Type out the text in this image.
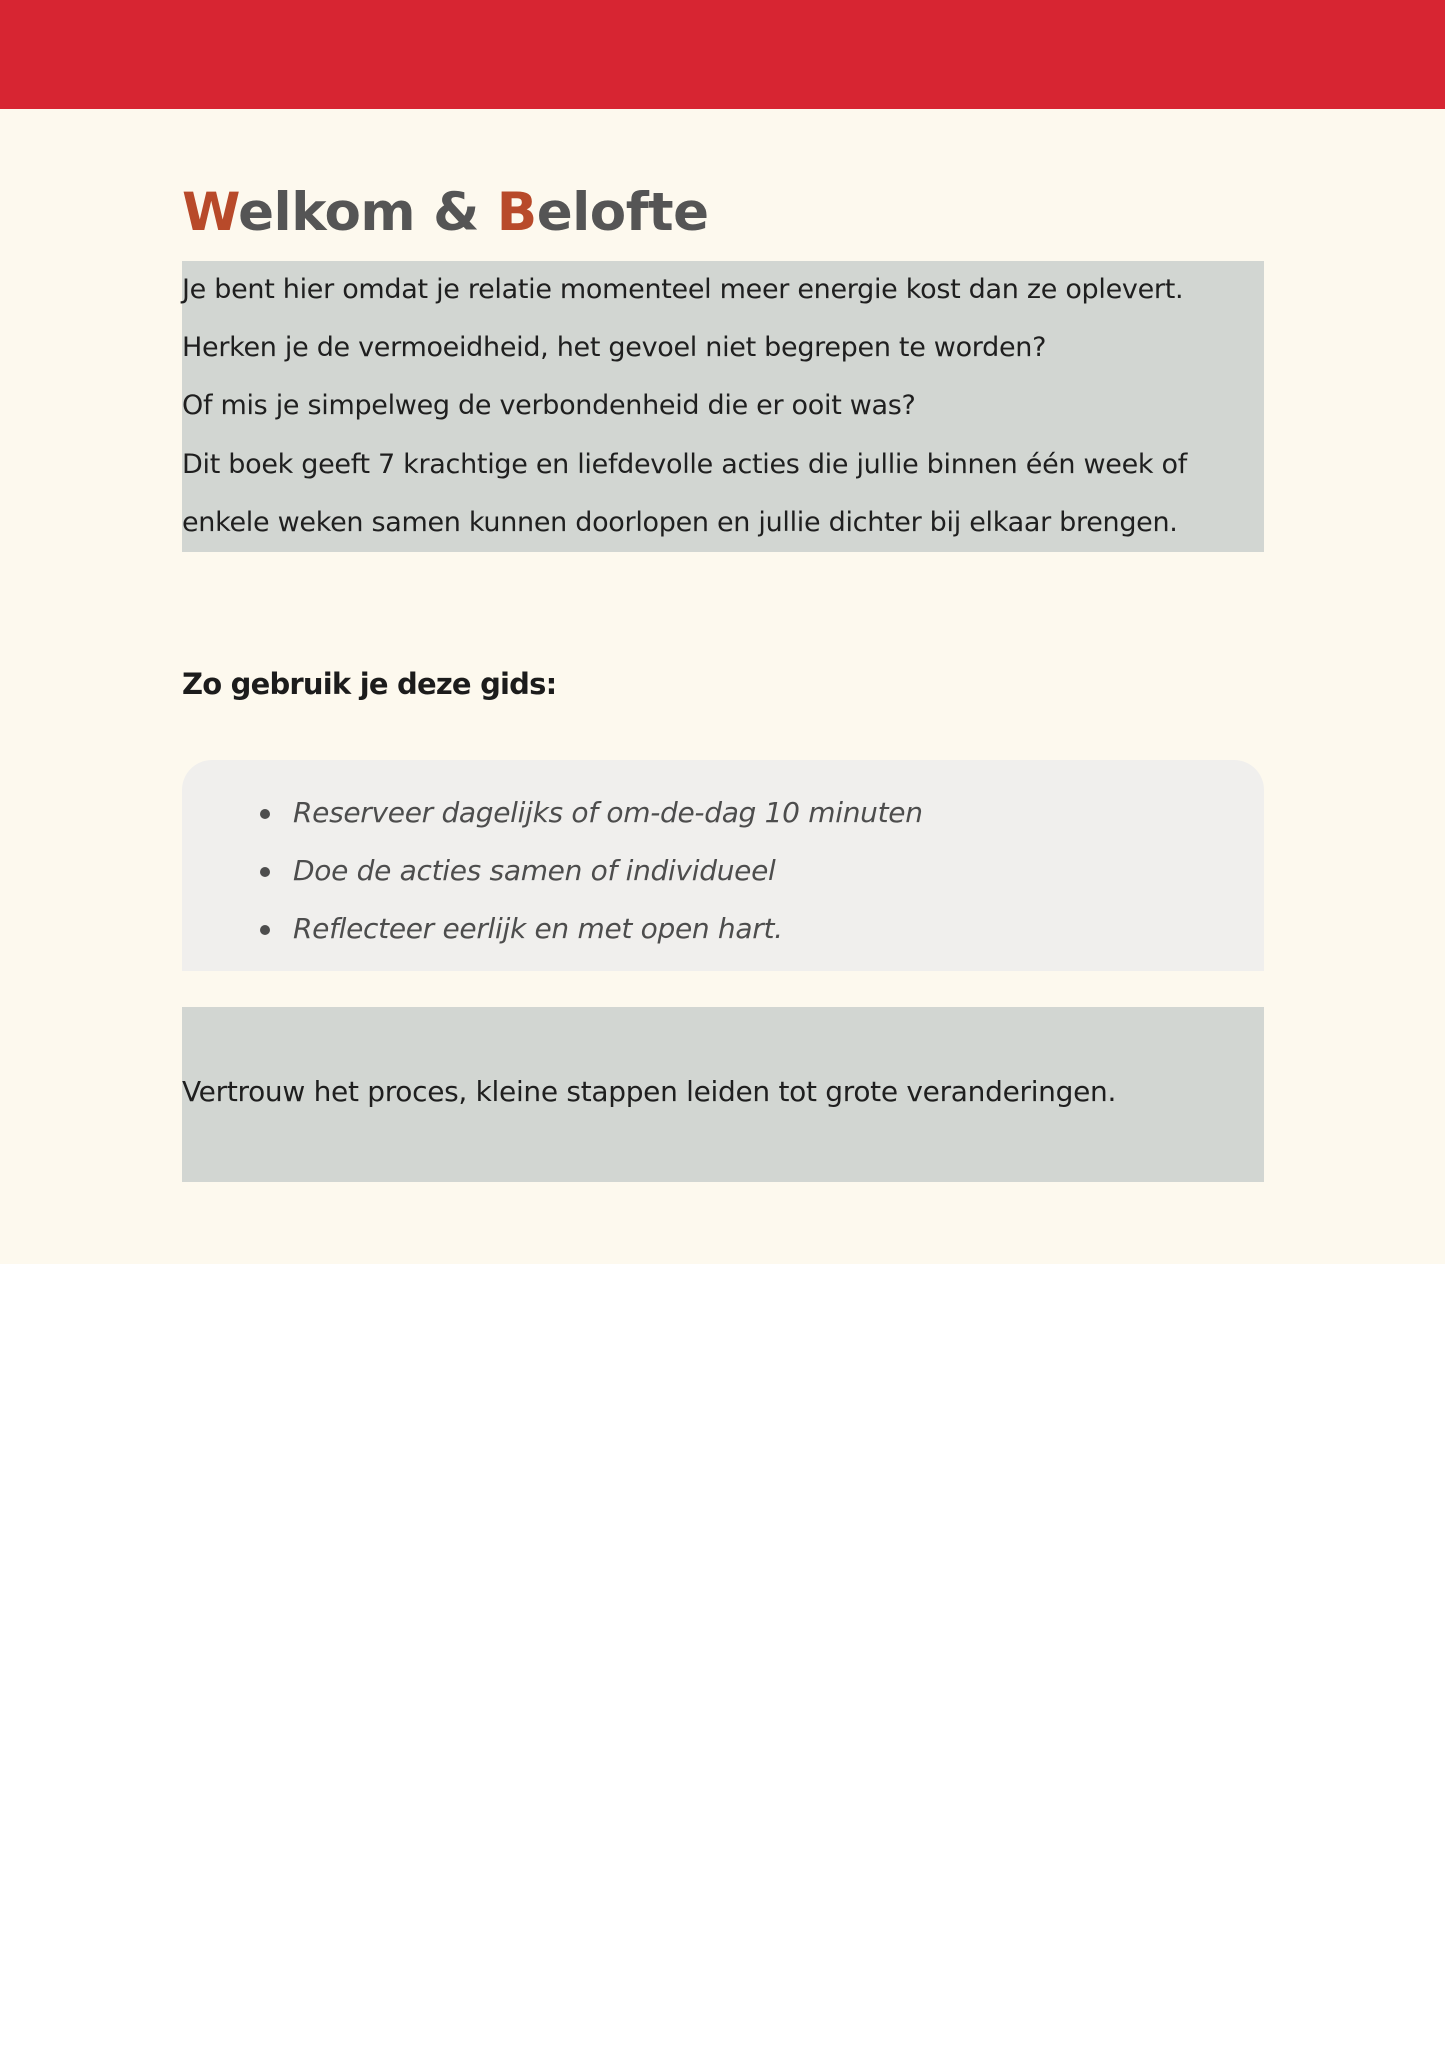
Welkom & Belofte
Je bent hier omdat je relatie momenteel meer energie kost dan ze oplevert.
Herken je de vermoeidheid, het gevoel niet begrepen te worden?
Of mis je simpelweg de verbondenheid die er ooit was?
Dit boek geeft 7 krachtige en liefdevolle acties die jullie binnen één week of
enkele weken samen kunnen doorlopen en jullie dichter bij elkaar brengen.
Zo gebruik je deze gids:
Reserveer dagelijks of om-de-dag 10 minuten
Doe de acties samen of individueel
Reflecteer eerlijk en met open hart.
Vertrouw het proces, kleine stappen leiden tot grote veranderingen.
